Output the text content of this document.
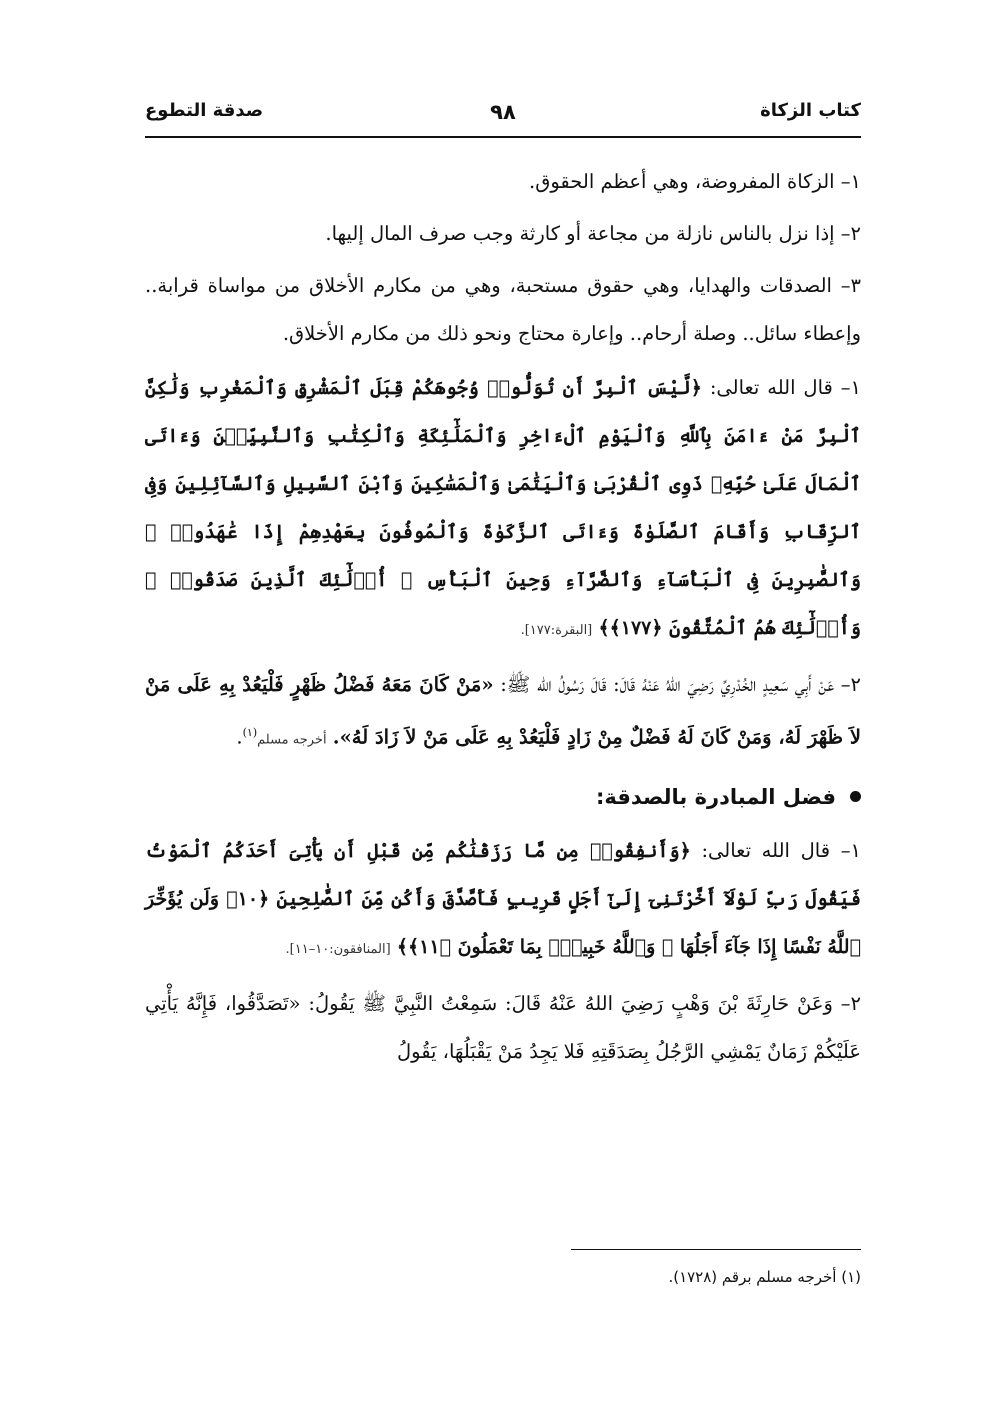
كتاب الزكاة
٩٨
صدقة التطوع

١– الزكاة المفروضة، وهي أعظم الحقوق.

٢– إذا نزل بالناس نازلة من مجاعة أو كارثة وجب صرف المال إليها.

٣– الصدقات والهدايا، وهي حقوق مستحبة، وهي من مكارم الأخلاق من مواساة قرابة.. وإعطاء سائل.. وصلة أرحام.. وإعارة محتاج ونحو ذلك من مكارم الأخلاق.

١– قال الله تعالى: ﴿لَّيْسَ ٱلْبِرَّ أَن تُوَلُّوا۟ وُجُوهَكُمْ قِبَلَ ٱلْمَشْرِقِ وَٱلْمَغْرِبِ وَلَٰكِنَّ ٱلْبِرَّ مَنْ ءَامَنَ بِٱللَّهِ وَٱلْيَوْمِ ٱلْءَاخِرِ وَٱلْمَلَٰٓئِكَةِ وَٱلْكِتَٰبِ وَٱلنَّبِيِّـۧنَ وَءَاتَى ٱلْمَالَ عَلَىٰ حُبِّهِۦ ذَوِى ٱلْقُرْبَىٰ وَٱلْيَتَٰمَىٰ وَٱلْمَسَٰكِينَ وَٱبْنَ ٱلسَّبِيلِ وَٱلسَّآئِلِينَ وَفِى ٱلرِّقَابِ وَأَقَامَ ٱلصَّلَوٰةَ وَءَاتَى ٱلزَّكَوٰةَ وَٱلْمُوفُونَ بِعَهْدِهِمْ إِذَا عَٰهَدُوا۟ ۖ وَٱلصَّٰبِرِينَ فِى ٱلْبَأْسَآءِ وَٱلضَّرَّآءِ وَحِينَ ٱلْبَأْسِ ۗ أُو۟لَٰٓئِكَ ٱلَّذِينَ صَدَقُوا۟ ۖ وَأُو۟لَٰٓئِكَ هُمُ ٱلْمُتَّقُونَ ﴿١٧٧﴾﴾ [البقرة:١٧٧].

٢– عَنْ أَبِي سَعِيدٍ الخُدْرِيِّ رَضِيَ اللهُ عَنْهُ قَالَ: قَالَ رَسُولُ الله ﷺ: «مَنْ كَانَ مَعَهُ فَضْلُ ظَهْرٍ فَلْيَعُدْ بِهِ عَلَى مَنْ لاَ ظَهْرَ لَهُ، وَمَنْ كَانَ لَهُ فَضْلٌ مِنْ زَادٍ فَلْيَعُدْ بِهِ عَلَى مَنْ لاَ زَادَ لَهُ». أخرجه مسلم$^{(١)}$.

فضل المبادرة بالصدقة:

١– قال الله تعالى: ﴿وَأَنفِقُوا۟ مِن مَّا رَزَقْنَٰكُم مِّن قَبْلِ أَن يَأْتِىَ أَحَدَكُمُ ٱلْمَوْتُ فَيَقُولَ رَبِّ لَوْلَآ أَخَّرْتَنِىٓ إِلَىٰٓ أَجَلٍ قَرِيبٍ فَأَصَّدَّقَ وَأَكُن مِّنَ ٱلصَّٰلِحِينَ ﴿١٠﴾ وَلَن يُؤَخِّرَ ٱللَّهُ نَفْسًا إِذَا جَآءَ أَجَلُهَا ۚ وَٱللَّهُ خَبِيرٌۢ بِمَا تَعْمَلُونَ ﴿١١﴾﴾ [المنافقون:١٠–١١].

٢– وَعَنْ حَارِثَةَ بْنَ وَهْبٍ رَضِيَ اللهُ عَنْهُ قَالَ: سَمِعْتُ النَّبِيَّ ﷺ يَقُولُ: «تَصَدَّقُوا، فَإِنَّهُ يَأْتِي عَلَيْكُمْ زَمَانٌ يَمْشِي الرَّجُلُ بِصَدَقَتِهِ فَلا يَجِدُ مَنْ يَقْبَلُهَا، يَقُولُ

(١) أخرجه مسلم برقم (١٧٢٨).
